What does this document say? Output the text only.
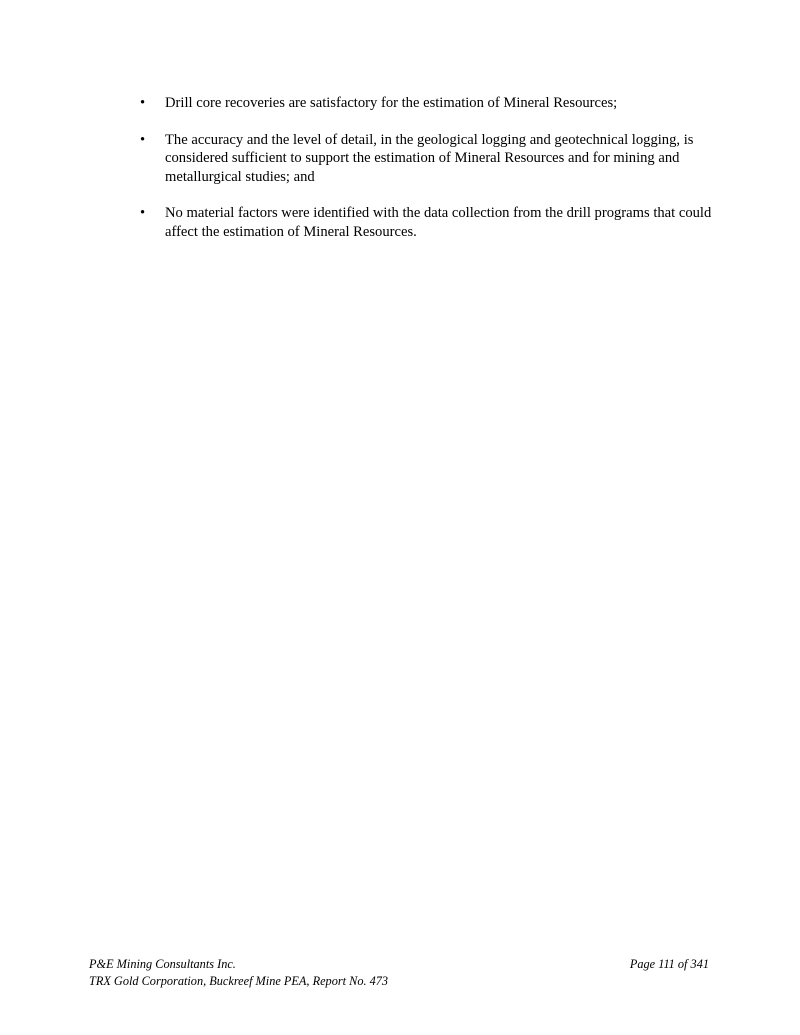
•	Drill core recoveries are satisfactory for the estimation of Mineral Resources;
•	The accuracy and the level of detail, in the geological logging and geotechnical logging, is considered sufficient to support the estimation of Mineral Resources and for mining and metallurgical studies; and
•	No material factors were identified with the data collection from the drill programs that could affect the estimation of Mineral Resources.
P&E Mining Consultants Inc.	Page 111 of 341
TRX Gold Corporation, Buckreef Mine PEA, Report No. 473
